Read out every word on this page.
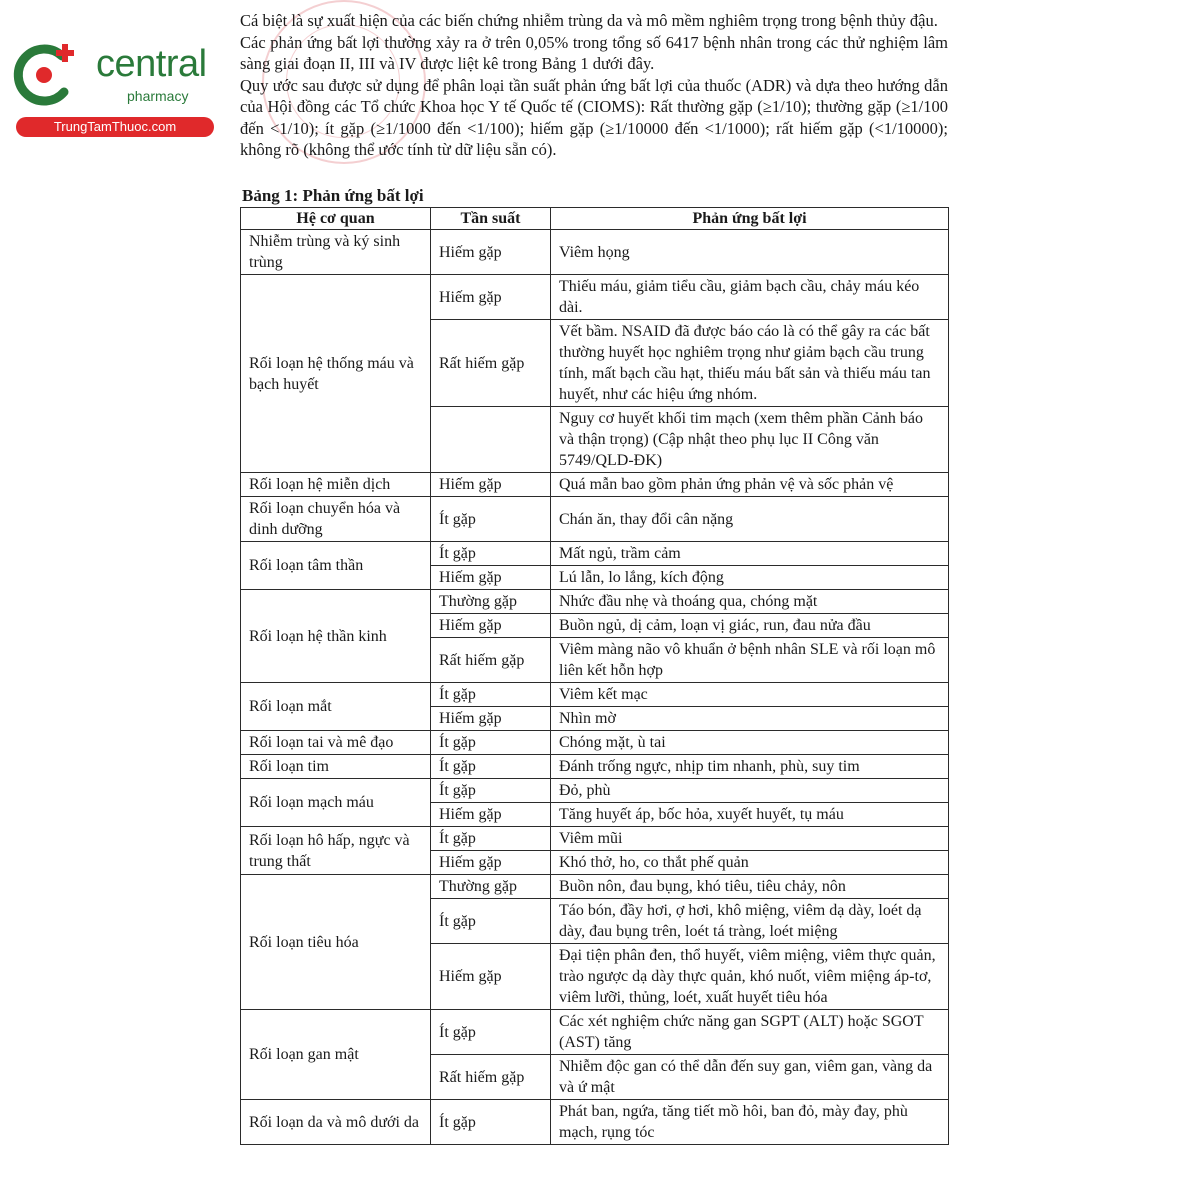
central
pharmacy
TrungTamThuoc.com

Cá biệt là sự xuất hiện của các biến chứng nhiễm trùng da và mô mềm nghiêm trọng trong bệnh thủy đậu.

Các phản ứng bất lợi thường xảy ra ở trên 0,05% trong tổng số 6417 bệnh nhân trong các thử nghiệm lâm sàng giai đoạn II, III và IV được liệt kê trong Bảng 1 dưới đây.

Quy ước sau được sử dụng để phân loại tần suất phản ứng bất lợi của thuốc (ADR) và dựa theo hướng dẫn của Hội đồng các Tổ chức Khoa học Y tế Quốc tế (CIOMS): Rất thường gặp (≥1/10); thường gặp (≥1/100 đến <1/10); ít gặp (≥1/1000 đến <1/100); hiếm gặp (≥1/10000 đến <1/1000); rất hiếm gặp (<1/10000); không rõ (không thể ước tính từ dữ liệu sẵn có).

Bảng 1: Phản ứng bất lợi
Hệ cơ quan	Tần suất	Phản ứng bất lợi
Nhiễm trùng và ký sinh trùng	Hiếm gặp	Viêm họng
Rối loạn hệ thống máu và bạch huyết	Hiếm gặp	Thiếu máu, giảm tiểu cầu, giảm bạch cầu, chảy máu kéo dài.
	Rất hiếm gặp	Vết bầm. NSAID đã được báo cáo là có thể gây ra các bất thường huyết học nghiêm trọng như giảm bạch cầu trung tính, mất bạch cầu hạt, thiếu máu bất sản và thiếu máu tan huyết, như các hiệu ứng nhóm.
		Nguy cơ huyết khối tim mạch (xem thêm phần Cảnh báo và thận trọng) (Cập nhật theo phụ lục II Công văn 5749/QLD-ĐK)
Rối loạn hệ miễn dịch	Hiếm gặp	Quá mẫn bao gồm phản ứng phản vệ và sốc phản vệ
Rối loạn chuyển hóa và dinh dưỡng	Ít gặp	Chán ăn, thay đổi cân nặng
Rối loạn tâm thần	Ít gặp	Mất ngủ, trầm cảm
	Hiếm gặp	Lú lẫn, lo lắng, kích động
Rối loạn hệ thần kinh	Thường gặp	Nhức đầu nhẹ và thoáng qua, chóng mặt
	Hiếm gặp	Buồn ngủ, dị cảm, loạn vị giác, run, đau nửa đầu
	Rất hiếm gặp	Viêm màng não vô khuẩn ở bệnh nhân SLE và rối loạn mô liên kết hỗn hợp
Rối loạn mắt	Ít gặp	Viêm kết mạc
	Hiếm gặp	Nhìn mờ
Rối loạn tai và mê đạo	Ít gặp	Chóng mặt, ù tai
Rối loạn tim	Ít gặp	Đánh trống ngực, nhịp tim nhanh, phù, suy tim
Rối loạn mạch máu	Ít gặp	Đỏ, phù
	Hiếm gặp	Tăng huyết áp, bốc hỏa, xuyết huyết, tụ máu
Rối loạn hô hấp, ngực và trung thất	Ít gặp	Viêm mũi
	Hiếm gặp	Khó thở, ho, co thắt phế quản
Rối loạn tiêu hóa	Thường gặp	Buồn nôn, đau bụng, khó tiêu, tiêu chảy, nôn
	Ít gặp	Táo bón, đầy hơi, ợ hơi, khô miệng, viêm dạ dày, loét dạ dày, đau bụng trên, loét tá tràng, loét miệng
	Hiếm gặp	Đại tiện phân đen, thổ huyết, viêm miệng, viêm thực quản, trào ngược dạ dày thực quản, khó nuốt, viêm miệng áp-tơ, viêm lưỡi, thủng, loét, xuất huyết tiêu hóa
Rối loạn gan mật	Ít gặp	Các xét nghiệm chức năng gan SGPT (ALT) hoặc SGOT (AST) tăng
	Rất hiếm gặp	Nhiễm độc gan có thể dẫn đến suy gan, viêm gan, vàng da và ứ mật
Rối loạn da và mô dưới da	Ít gặp	Phát ban, ngứa, tăng tiết mồ hôi, ban đỏ, mày đay, phù mạch, rụng tóc
